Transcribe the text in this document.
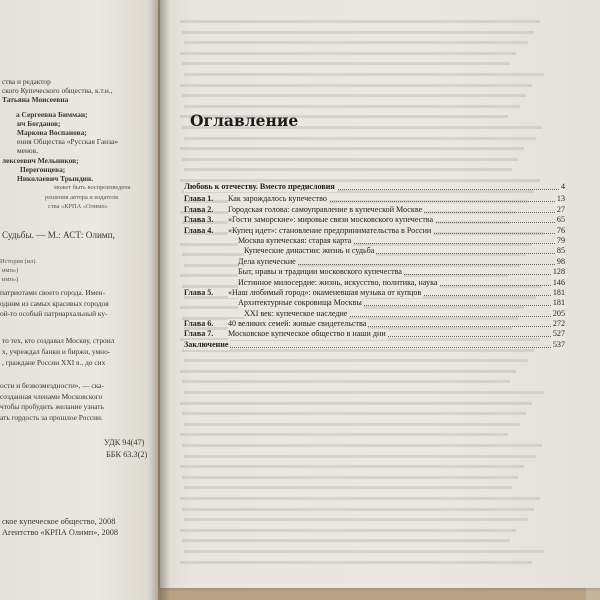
ства и редактор
ского Купеческого общества, к.т.н.,
Татьяна Моисеевна
а Сергеевна Бимман;
ич Богданов;
Маркова Воспанова;
ения Общества «Русская Ганза»
менов,
лексеевич Мельников;
Перегонцева;
Николаевич Трындин.
может быть воспроизведена
решения автора и издателя.
ства «КРПА «Олимп»
Судьбы. — М.: АСТ: Олимп,
История (ил).
имп»)
имп»)
патриотами своего города. Имен-
одним из самых красивых городов
ой-то особый патриархальный ку-
то тех, кто создавал Москву, строил
х, учреждал банки и биржи, умно-
, граждане России XXI в., до сих
ости и безвозмездности», — ска-
созданная членами Московского
чтобы пробудить желание узнать
ать гордость за прошлое России.
УДК 94(47)
ББК 63.3(2)
ское купеческое общество, 2008
Агентство «КРПА Олимп», 2008
Оглавление
Любовь к отечеству. Вместо предисловия	4
Глава 1.	Как зарождалось купечество	13
Глава 2.	Городская голова: самоуправление в купеческой Москве	27
Глава 3.	«Гости заморские»: мировые связи московского купечества	65
Глава 4.	«Купец идет»: становление предпринимательства в России	76
Москва купеческая: старая карта	79
Купеческие династии: жизнь и судьба	85
Дела купеческие	98
Быт, нравы и традиции московского купечества	128
Истинное милосердие: жизнь, искусство, политика, наука	146
Глава 5.	«Наш любимый город»: окаменевшая музыка от купцов	181
Архитектурные сокровища Москвы	181
XXI век: купеческое наследие	205
Глава 6.	40 великих семей: живые свидетельства	272
Глава 7.	Московское купеческое общество в наши дни	527
Заключение	537
